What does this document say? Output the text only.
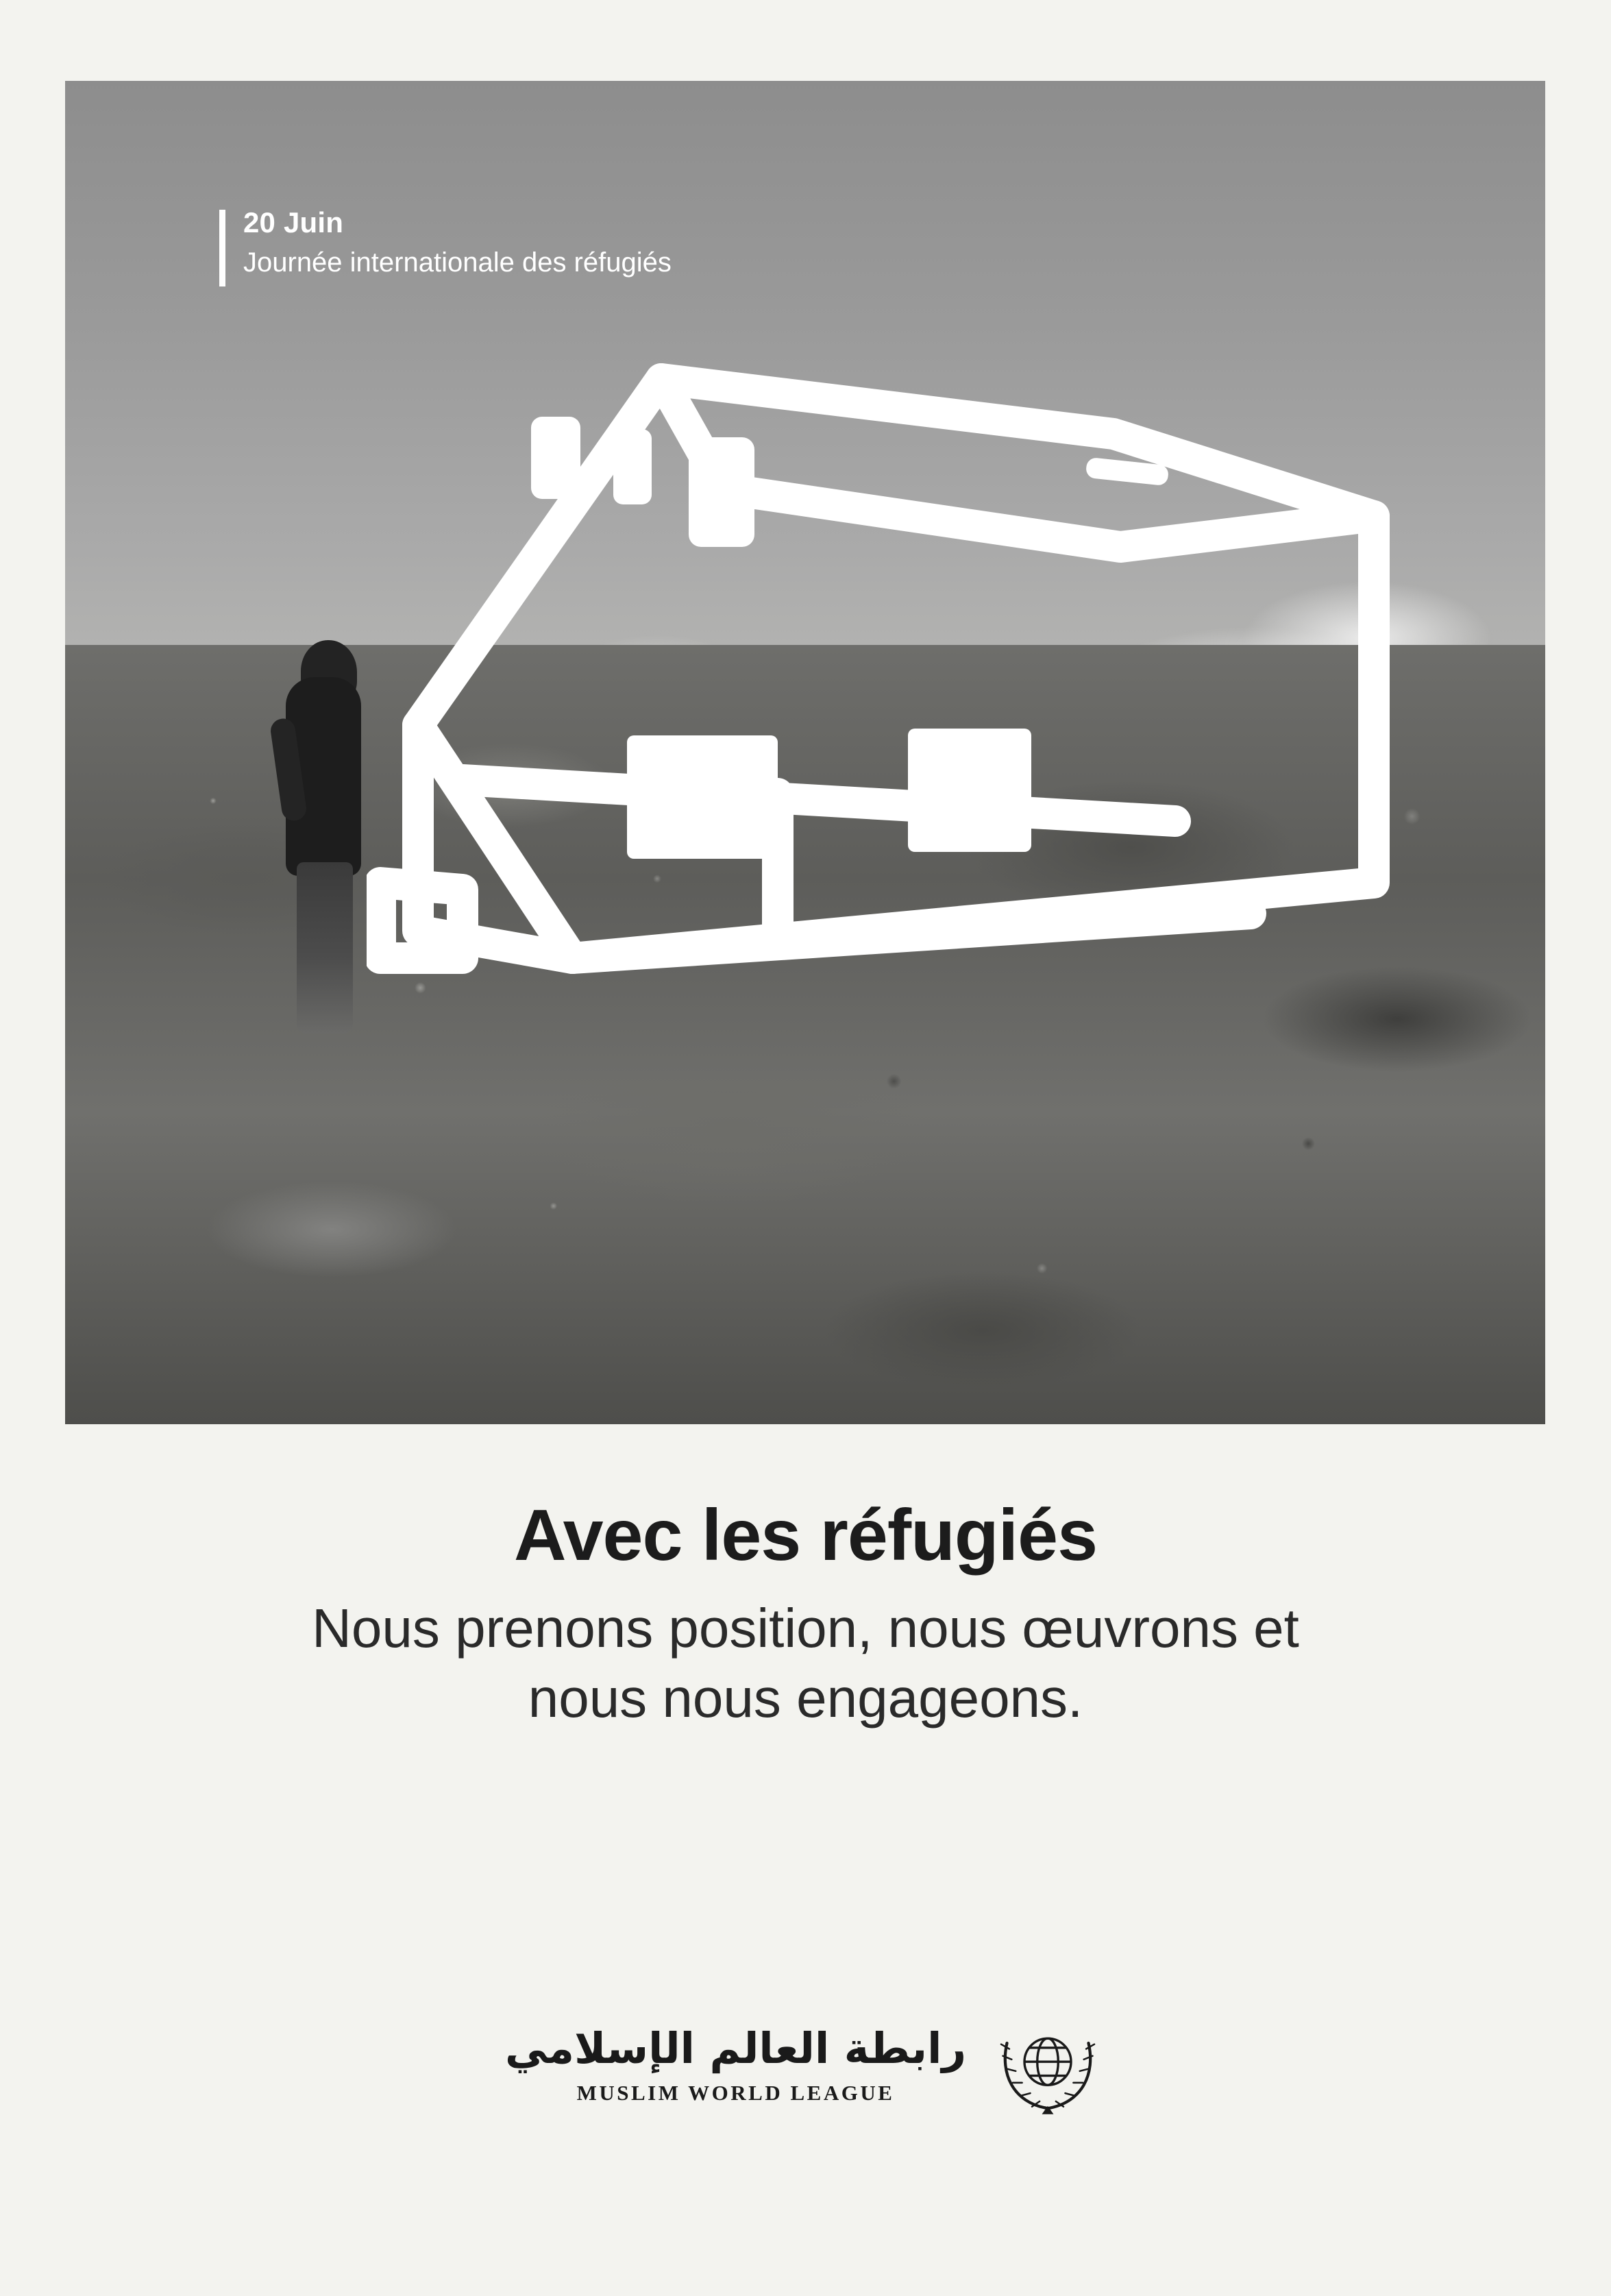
20 Juin
Journée internationale des réfugiés
Avec les réfugiés
Nous prenons position, nous œuvrons et
nous nous engageons.
رابطة العالم الإسلامي
MUSLIM WORLD LEAGUE
